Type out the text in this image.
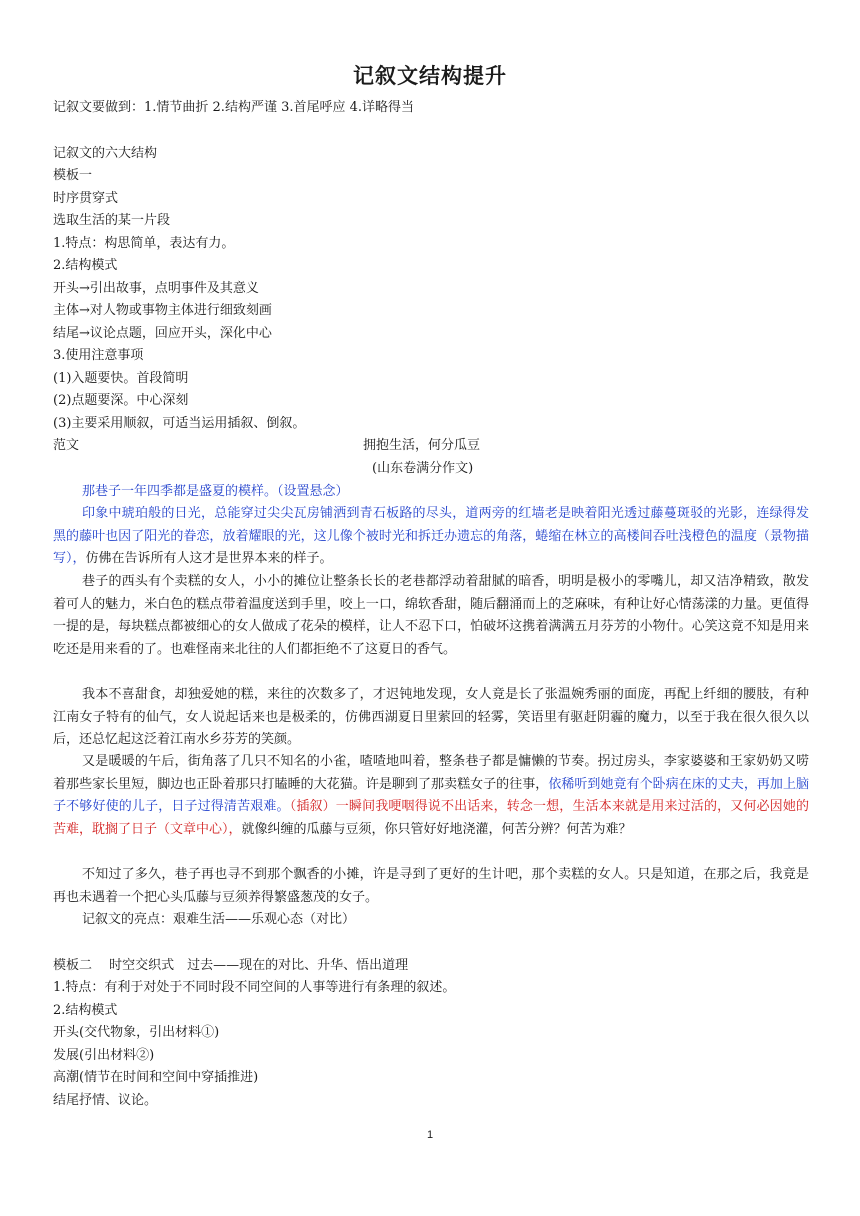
记叙文结构提升
记叙文要做到：1.情节曲折 2.结构严谨 3.首尾呼应 4.详略得当
记叙文的六大结构
模板一
时序贯穿式
选取生活的某一片段
1.特点：构思简单，表达有力。
2.结构模式
开头→引出故事，点明事件及其意义
主体→对人物或事物主体进行细致刻画
结尾→议论点题，回应开头，深化中心
3.使用注意事项
(1)入题要快。首段简明
(2)点题要深。中心深刻
(3)主要采用顺叙，可适当运用插叙、倒叙。
范文	拥抱生活，何分瓜豆
(山东卷满分作文)
那巷子一年四季都是盛夏的模样。（设置悬念）
印象中琥珀般的日光，总能穿过尖尖瓦房铺洒到青石板路的尽头，道两旁的红墙老是映着阳光透过藤蔓斑驳的光影，连绿得发黑的藤叶也因了阳光的眷恋，放着耀眼的光，这儿像个被时光和拆迁办遗忘的角落，蜷缩在林立的高楼间吞吐浅橙色的温度（景物描写），仿佛在告诉所有人这才是世界本来的样子。
巷子的西头有个卖糕的女人，小小的摊位让整条长长的老巷都浮动着甜腻的暗香，明明是极小的零嘴儿，却又洁净精致，散发着可人的魅力，米白色的糕点带着温度送到手里，咬上一口，绵软香甜，随后翻涌而上的芝麻味，有种让好心情荡漾的力量。更值得一提的是，每块糕点都被细心的女人做成了花朵的模样，让人不忍下口，怕破坏这携着满满五月芬芳的小物什。心笑这竟不知是用来吃还是用来看的了。也难怪南来北往的人们都拒绝不了这夏日的香气。
我本不喜甜食，却独爱她的糕，来往的次数多了，才迟钝地发现，女人竟是长了张温婉秀丽的面庞，再配上纤细的腰肢，有种江南女子特有的仙气，女人说起话来也是极柔的，仿佛西湖夏日里萦回的轻雾，笑语里有驱赶阴霾的魔力，以至于我在很久很久以后，还总忆起这泛着江南水乡芬芳的笑颜。
又是暖暖的午后，街角落了几只不知名的小雀，喳喳地叫着，整条巷子都是慵懒的节奏。拐过房头，李家婆婆和王家奶奶又唠着那些家长里短，脚边也正卧着那只打瞌睡的大花猫。许是聊到了那卖糕女子的往事，依稀听到她竟有个卧病在床的丈夫，再加上脑子不够好使的儿子，日子过得清苦艰难。（插叙）一瞬间我哽咽得说不出话来，转念一想，生活本来就是用来过活的，又何必因她的苦难，耽搁了日子（文章中心），就像纠缠的瓜藤与豆须，你只管好好地浇灌，何苦分辨？何苦为难？
不知过了多久，巷子再也寻不到那个飘香的小摊，许是寻到了更好的生计吧，那个卖糕的女人。只是知道，在那之后，我竟是再也未遇着一个把心头瓜藤与豆须养得繁盛葱茂的女子。
记叙文的亮点：艰难生活——乐观心态（对比）
模板二　 时空交织式　过去——现在的对比、升华、悟出道理
1.特点：有利于对处于不同时段不同空间的人事等进行有条理的叙述。
2.结构模式
开头(交代物象，引出材料①)
发展(引出材料②)
高潮(情节在时间和空间中穿插推进)
结尾抒情、议论。
1
